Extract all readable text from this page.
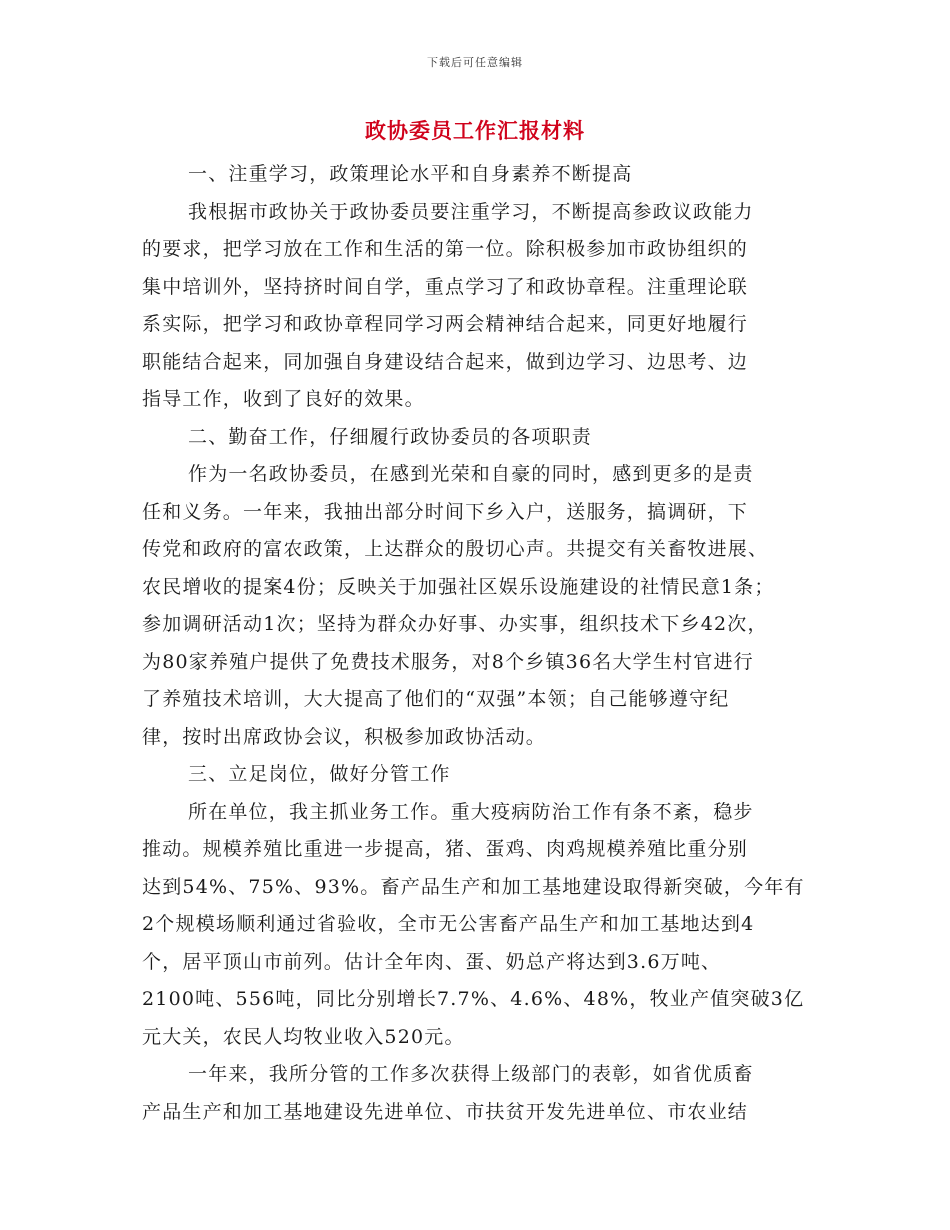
下载后可任意编辑
政协委员工作汇报材料
一、注重学习，政策理论水平和自身素养不断提高
我根据市政协关于政协委员要注重学习，不断提高参政议政能力
的要求，把学习放在工作和生活的第一位。除积极参加市政协组织的
集中培训外，坚持挤时间自学，重点学习了和政协章程。注重理论联
系实际，把学习和政协章程同学习两会精神结合起来，同更好地履行
职能结合起来，同加强自身建设结合起来，做到边学习、边思考、边
指导工作，收到了良好的效果。
二、勤奋工作，仔细履行政协委员的各项职责
作为一名政协委员，在感到光荣和自豪的同时，感到更多的是责
任和义务。一年来，我抽出部分时间下乡入户，送服务，搞调研，下
传党和政府的富农政策，上达群众的殷切心声。共提交有关畜牧进展、
农民增收的提案4份；反映关于加强社区娱乐设施建设的社情民意1条；
参加调研活动1次；坚持为群众办好事、办实事，组织技术下乡42次，
为80家养殖户提供了免费技术服务，对8个乡镇36名大学生村官进行
了养殖技术培训，大大提高了他们的“双强”本领；自己能够遵守纪
律，按时出席政协会议，积极参加政协活动。
三、立足岗位，做好分管工作
所在单位，我主抓业务工作。重大疫病防治工作有条不紊，稳步
推动。规模养殖比重进一步提高，猪、蛋鸡、肉鸡规模养殖比重分别
达到54%、75%、93%。畜产品生产和加工基地建设取得新突破，今年有
2个规模场顺利通过省验收，全市无公害畜产品生产和加工基地达到4
个，居平顶山市前列。估计全年肉、蛋、奶总产将达到3.6万吨、
2100吨、556吨，同比分别增长7.7%、4.6%、48%，牧业产值突破3亿
元大关，农民人均牧业收入520元。
一年来，我所分管的工作多次获得上级部门的表彰，如省优质畜
产品生产和加工基地建设先进单位、市扶贫开发先进单位、市农业结
